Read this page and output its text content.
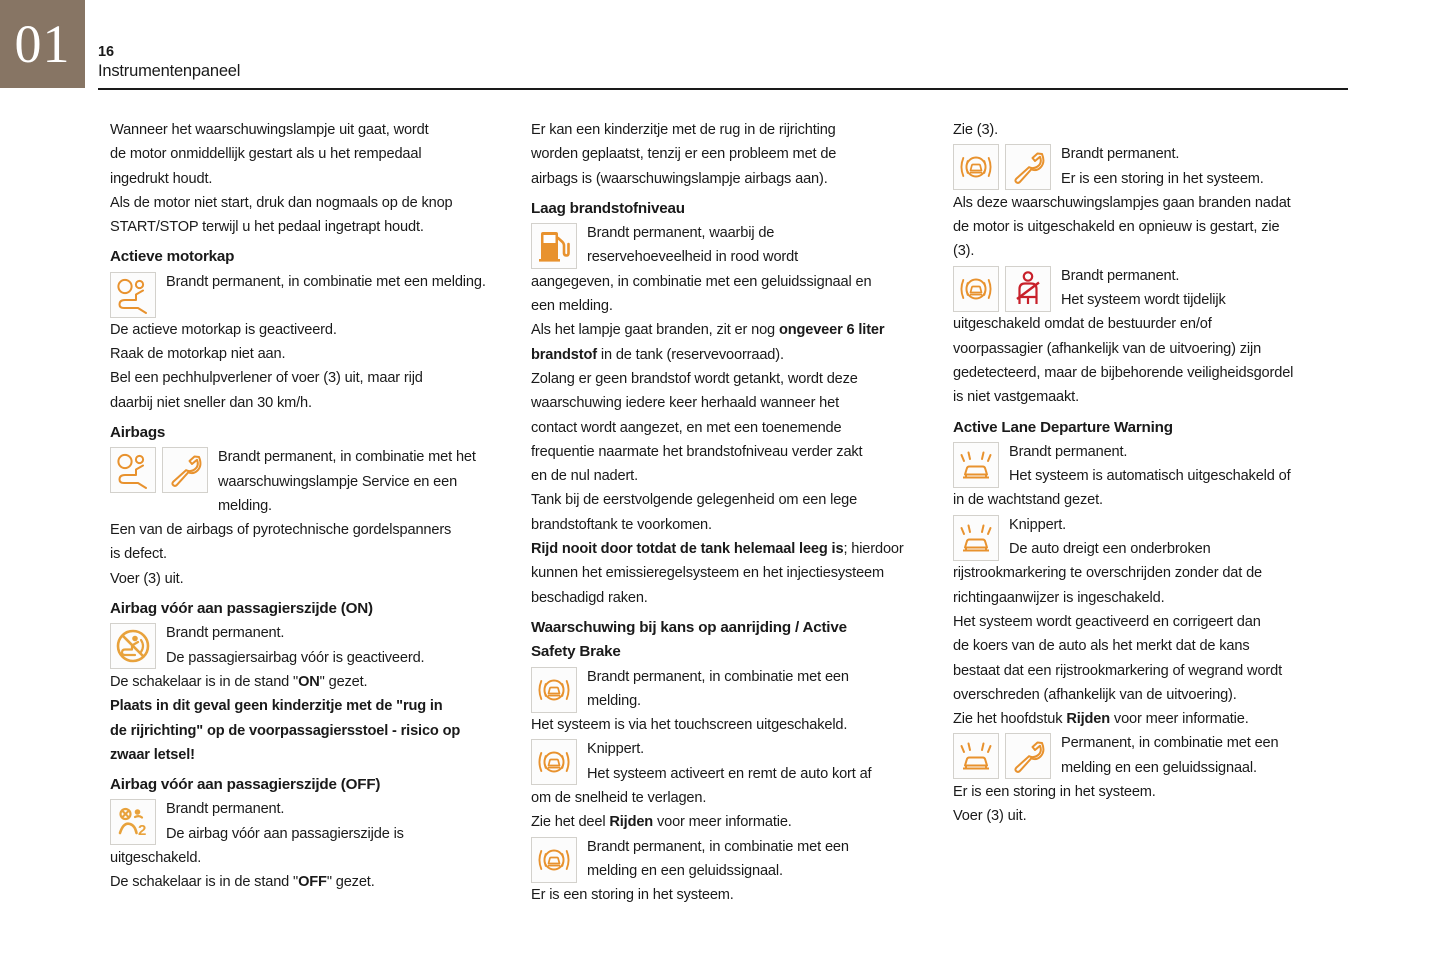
01	16
Instrumentenpaneel

Wanneer het waarschuwingslampje uit gaat, wordt

de motor onmiddellijk gestart als u het rempedaal

ingedrukt houdt.

Als de motor niet start, druk dan nogmaals op de knop

START/STOP terwijl u het pedaal ingetrapt houdt.

Actieve motorkap

Brandt permanent, in combinatie met een melding.

De actieve motorkap is geactiveerd.

Raak de motorkap niet aan.

Bel een pechhulpverlener of voer (3) uit, maar rijd

daarbij niet sneller dan 30 km/h.

Airbags

Brandt permanent, in combinatie met het waarschuwingslampje Service en een melding.

Een van de airbags of pyrotechnische gordelspanners

is defect.

Voer (3) uit.

Airbag vóór aan passagierszijde (ON)

Brandt permanent.
De passagiersairbag vóór is geactiveerd.

De schakelaar is in de stand "ON" gezet.

Plaats in dit geval geen kinderzitje met de "rug in

de rijrichting" op de voorpassagiersstoel - risico op

zwaar letsel!

Airbag vóór aan passagierszijde (OFF)

2
Brandt permanent.
De airbag vóór aan passagierszijde is

uitgeschakeld.

De schakelaar is in de stand "OFF" gezet.

Er kan een kinderzitje met de rug in de rijrichting

worden geplaatst, tenzij er een probleem met de

airbags is (waarschuwingslampje airbags aan).

Laag brandstofniveau

Brandt permanent, waarbij de
reservehoeveelheid in rood wordt

aangegeven, in combinatie met een geluidssignaal en

een melding.

Als het lampje gaat branden, zit er nog ongeveer 6 liter brandstof in de tank (reservevoorraad).

Zolang er geen brandstof wordt getankt, wordt deze

waarschuwing iedere keer herhaald wanneer het

contact wordt aangezet, en met een toenemende

frequentie naarmate het brandstofniveau verder zakt

en de nul nadert.

Tank bij de eerstvolgende gelegenheid om een lege

brandstoftank te voorkomen.

Rijd nooit door totdat de tank helemaal leeg is; hierdoor kunnen het emissieregelsysteem en het injectiesysteem beschadigd raken.

Waarschuwing bij kans op aanrijding / Active

Safety Brake

Brandt permanent, in combinatie met een
melding.

Het systeem is via het touchscreen uitgeschakeld.

Knippert.
Het systeem activeert en remt de auto kort af

om de snelheid te verlagen.

Zie het deel Rijden voor meer informatie.

Brandt permanent, in combinatie met een
melding en een geluidssignaal.

Er is een storing in het systeem.

Zie (3).

Brandt permanent.
Er is een storing in het systeem.

Als deze waarschuwingslampjes gaan branden nadat

de motor is uitgeschakeld en opnieuw is gestart, zie

(3).

Brandt permanent.
Het systeem wordt tijdelijk

uitgeschakeld omdat de bestuurder en/of

voorpassagier (afhankelijk van de uitvoering) zijn

gedetecteerd, maar de bijbehorende veiligheidsgordel

is niet vastgemaakt.

Active Lane Departure Warning

Brandt permanent.
Het systeem is automatisch uitgeschakeld of

in de wachtstand gezet.

Knippert.
De auto dreigt een onderbroken

rijstrookmarkering te overschrijden zonder dat de

richtingaanwijzer is ingeschakeld.

Het systeem wordt geactiveerd en corrigeert dan

de koers van de auto als het merkt dat de kans

bestaat dat een rijstrookmarkering of wegrand wordt

overschreden (afhankelijk van de uitvoering).

Zie het hoofdstuk Rijden voor meer informatie.

Permanent, in combinatie met een
melding en een geluidssignaal.

Er is een storing in het systeem.

Voer (3) uit.
